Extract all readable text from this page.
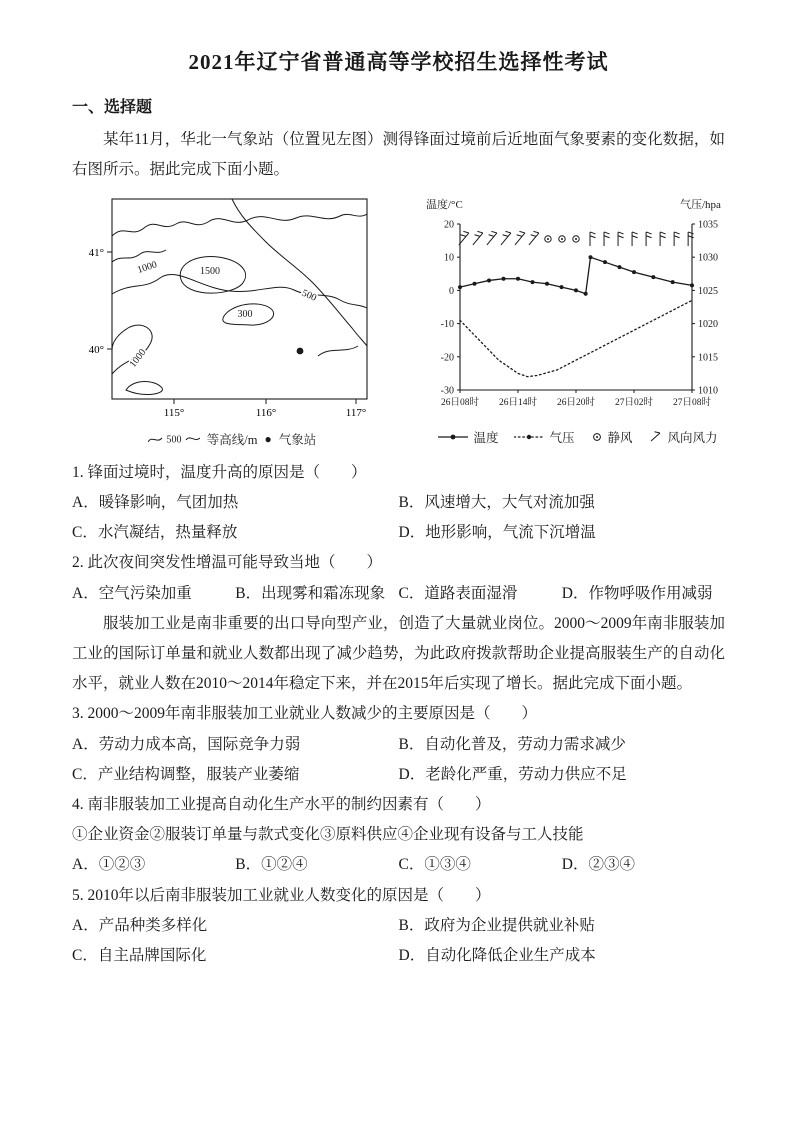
2021年辽宁省普通高等学校招生选择性考试
一、选择题

某年11月，华北一气象站（位置见左图）测得锋面过境前后近地面气象要素的变化数据，如右图所示。据此完成下面小题。

1000	1500
500
300
1000
41°
40°
115°	116°	117°
500 等高线/m ● 气象站
温度/°C	气压/hpa
20
10
0
-10
-20
-30
1035
1030
1025
1020
1015
1010
26日08时 26日14时 26日20时 27日02时 27日08时
温度	气压	静风	风向风力

1. 锋面过境时，温度升高的原因是（　　）

A．暖锋影响，气团加热	B．风速增大，大气对流加强
C．水汽凝结，热量释放	D．地形影响，气流下沉增温

2. 此次夜间突发性增温可能导致当地（　　）

A．空气污染加重	B．出现雾和霜冻现象 C．道路表面湿滑	D．作物呼吸作用减弱

服装加工业是南非重要的出口导向型产业，创造了大量就业岗位。2000～2009年南非服装加工业的国际订单量和就业人数都出现了减少趋势，为此政府拨款帮助企业提高服装生产的自动化水平，就业人数在2010～2014年稳定下来，并在2015年后实现了增长。据此完成下面小题。

3. 2000～2009年南非服装加工业就业人数减少的主要原因是（　　）

A．劳动力成本高，国际竞争力弱	B．自动化普及，劳动力需求减少
C．产业结构调整，服装产业萎缩	D．老龄化严重，劳动力供应不足

4. 南非服装加工业提高自动化生产水平的制约因素有（　　）

①企业资金②服装订单量与款式变化③原料供应④企业现有设备与工人技能

A．①②③	B．①②④	C．①③④	D．②③④

5. 2010年以后南非服装加工业就业人数变化的原因是（　　）

A．产品种类多样化	B．政府为企业提供就业补贴
C．自主品牌国际化	D．自动化降低企业生产成本
